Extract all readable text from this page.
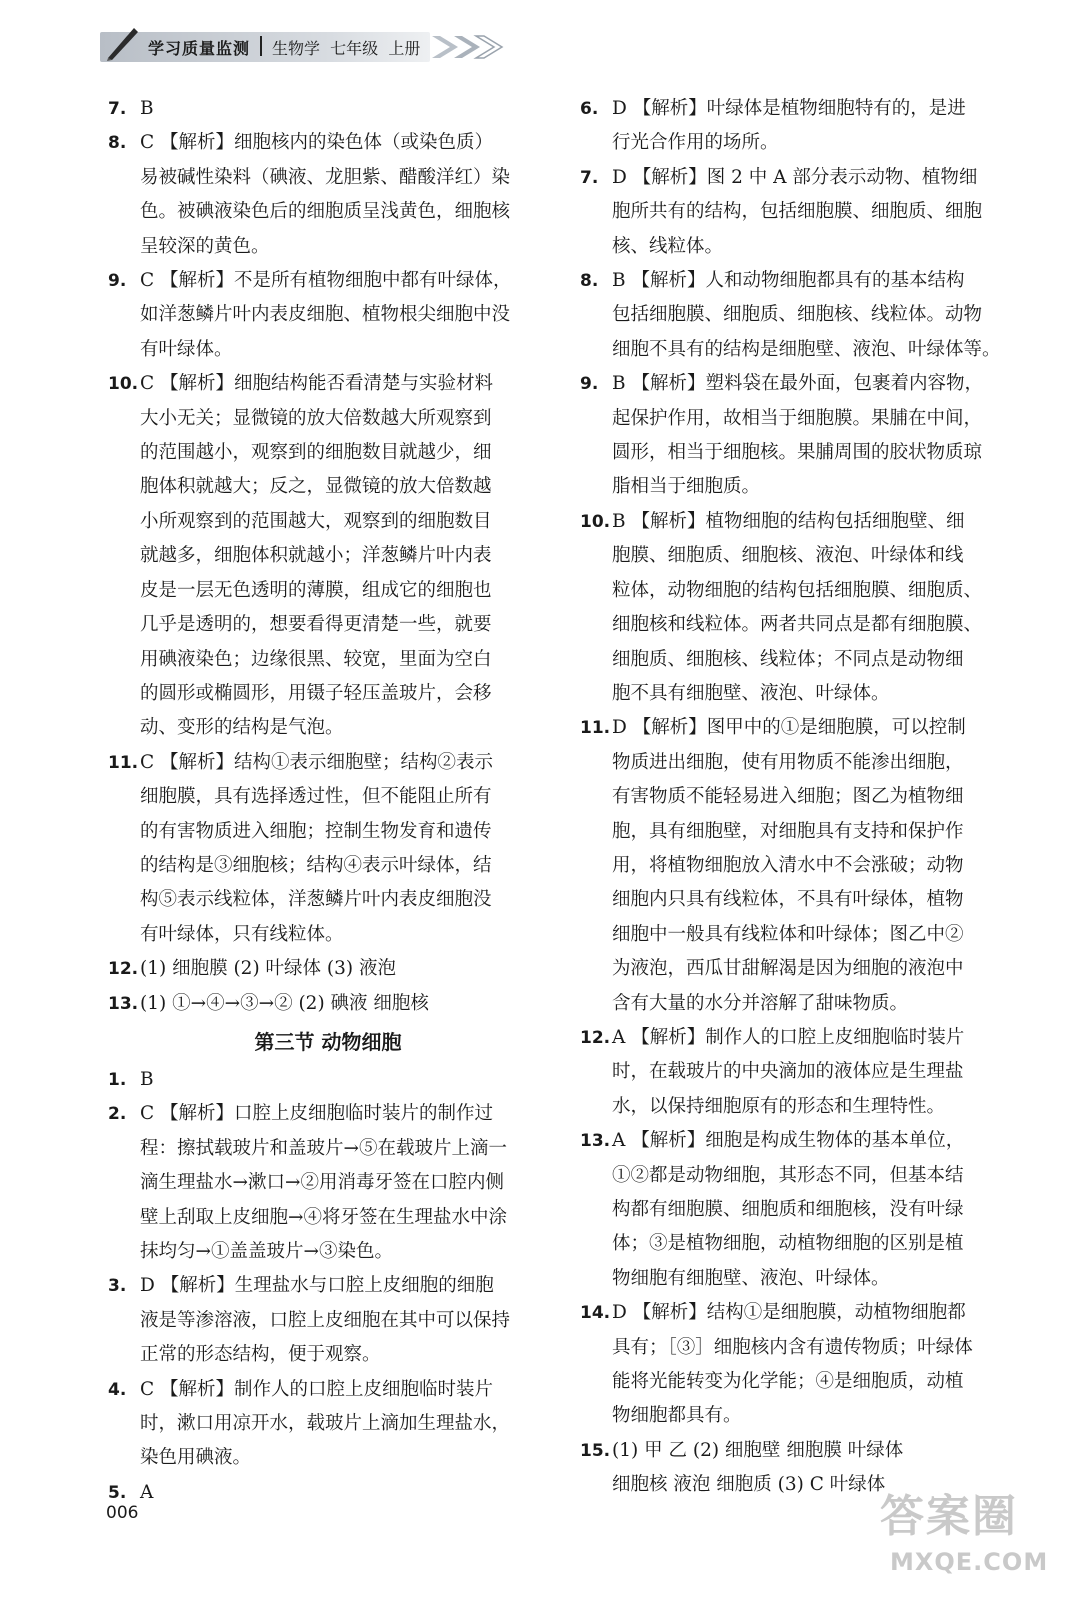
学习质量监测 生物学  七年级  上册
7. B
8. C 【解析】细胞核内的染色体（或染色质）
易被碱性染料（碘液、龙胆紫、醋酸洋红）染
色。被碘液染色后的细胞质呈浅黄色，细胞核
呈较深的黄色。
9. C 【解析】不是所有植物细胞中都有叶绿体，
如洋葱鳞片叶内表皮细胞、植物根尖细胞中没
有叶绿体。
10. C 【解析】细胞结构能否看清楚与实验材料
大小无关；显微镜的放大倍数越大所观察到
的范围越小，观察到的细胞数目就越少，细
胞体积就越大；反之，显微镜的放大倍数越
小所观察到的范围越大，观察到的细胞数目
就越多，细胞体积就越小；洋葱鳞片叶内表
皮是一层无色透明的薄膜，组成它的细胞也
几乎是透明的，想要看得更清楚一些，就要
用碘液染色；边缘很黑、较宽，里面为空白
的圆形或椭圆形，用镊子轻压盖玻片，会移
动、变形的结构是气泡。
11. C 【解析】结构①表示细胞壁；结构②表示
细胞膜，具有选择透过性，但不能阻止所有
的有害物质进入细胞；控制生物发育和遗传
的结构是③细胞核；结构④表示叶绿体，结
构⑤表示线粒体，洋葱鳞片叶内表皮细胞没
有叶绿体，只有线粒体。
12. (1) 细胞膜 (2) 叶绿体 (3) 液泡
13. (1) ①→④→③→② (2) 碘液 细胞核
第三节 动物细胞
1. B
2. C 【解析】口腔上皮细胞临时装片的制作过
程：擦拭载玻片和盖玻片→⑤在载玻片上滴一
滴生理盐水→漱口→②用消毒牙签在口腔内侧
壁上刮取上皮细胞→④将牙签在生理盐水中涂
抹均匀→①盖盖玻片→③染色。
3. D 【解析】生理盐水与口腔上皮细胞的细胞
液是等渗溶液，口腔上皮细胞在其中可以保持
正常的形态结构，便于观察。
4. C 【解析】制作人的口腔上皮细胞临时装片
时，漱口用凉开水，载玻片上滴加生理盐水，
染色用碘液。
5. A
6. D 【解析】叶绿体是植物细胞特有的，是进
行光合作用的场所。
7. D 【解析】图 2 中 A 部分表示动物、植物细
胞所共有的结构，包括细胞膜、细胞质、细胞
核、线粒体。
8. B 【解析】人和动物细胞都具有的基本结构
包括细胞膜、细胞质、细胞核、线粒体。动物
细胞不具有的结构是细胞壁、液泡、叶绿体等。
9. B 【解析】塑料袋在最外面，包裹着内容物，
起保护作用，故相当于细胞膜。果脯在中间，
圆形，相当于细胞核。果脯周围的胶状物质琼
脂相当于细胞质。
10. B 【解析】植物细胞的结构包括细胞壁、细
胞膜、细胞质、细胞核、液泡、叶绿体和线
粒体，动物细胞的结构包括细胞膜、细胞质、
细胞核和线粒体。两者共同点是都有细胞膜、
细胞质、细胞核、线粒体；不同点是动物细
胞不具有细胞壁、液泡、叶绿体。
11. D 【解析】图甲中的①是细胞膜，可以控制
物质进出细胞，使有用物质不能渗出细胞，
有害物质不能轻易进入细胞；图乙为植物细
胞，具有细胞壁，对细胞具有支持和保护作
用，将植物细胞放入清水中不会涨破；动物
细胞内只具有线粒体，不具有叶绿体，植物
细胞中一般具有线粒体和叶绿体；图乙中②
为液泡，西瓜甘甜解渴是因为细胞的液泡中
含有大量的水分并溶解了甜味物质。
12. A 【解析】制作人的口腔上皮细胞临时装片
时，在载玻片的中央滴加的液体应是生理盐
水，以保持细胞原有的形态和生理特性。
13. A 【解析】细胞是构成生物体的基本单位，
①②都是动物细胞，其形态不同，但基本结
构都有细胞膜、细胞质和细胞核，没有叶绿
体；③是植物细胞，动植物细胞的区别是植
物细胞有细胞壁、液泡、叶绿体。
14. D 【解析】结构①是细胞膜，动植物细胞都
具有；［③］细胞核内含有遗传物质；叶绿体
能将光能转变为化学能；④是细胞质，动植
物细胞都具有。
15. (1) 甲 乙 (2) 细胞壁 细胞膜 叶绿体
细胞核 液泡 细胞质 (3) C 叶绿体
006	答案圈
MXQE.COM
